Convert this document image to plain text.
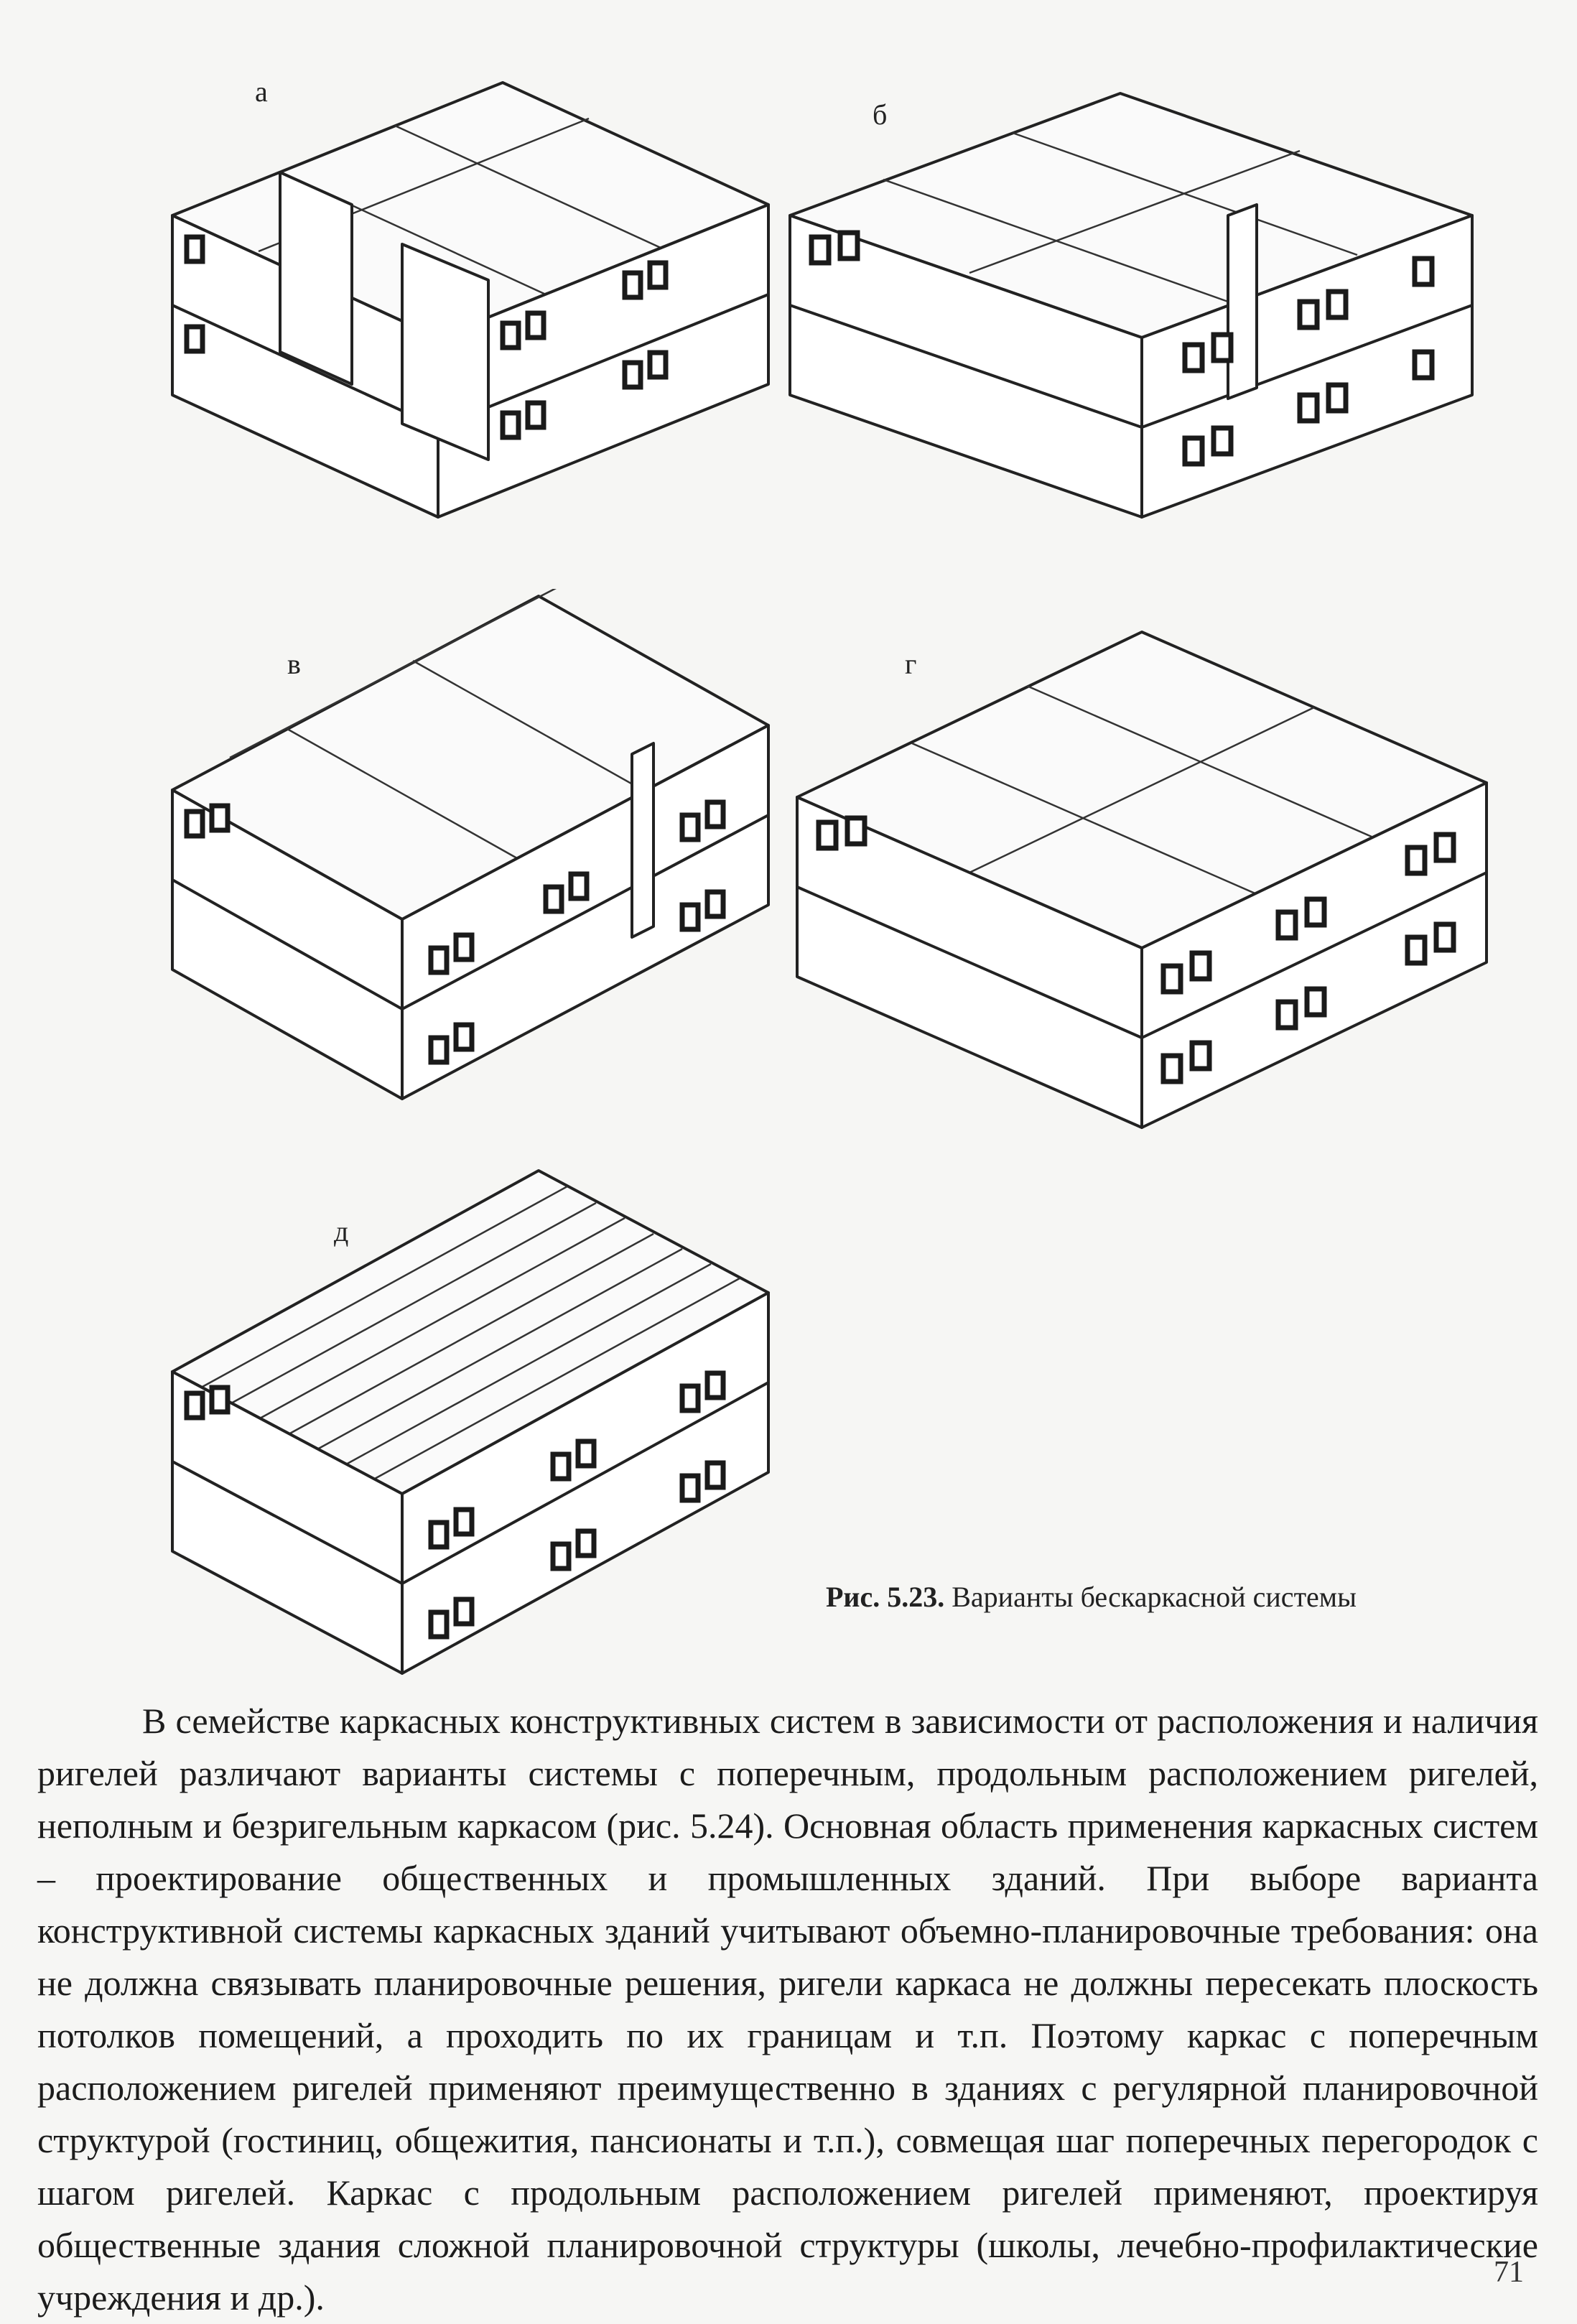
а
б
в	г
д
Рис. 5.23. Варианты бескаркасной системы

В семействе каркасных конструктивных систем в зависимости от расположения и наличия ригелей различают варианты системы с поперечным, продольным расположением ригелей, неполным и безригельным каркасом (рис. 5.24). Основная область применения каркасных систем – проектирование общественных и промышленных зданий. При выборе варианта конструктивной системы каркасных зданий учитывают объемно-планировочные требования: она не должна связывать планировочные решения, ригели каркаса не должны пересекать плоскость потолков помещений, а проходить по их границам и т.п. Поэтому каркас с поперечным расположением ригелей применяют преимущественно в зданиях с регулярной планировочной структурой (гостиниц, общежития, пансионаты и т.п.), совмещая шаг поперечных перегородок с шагом ригелей. Каркас с продольным расположением ригелей применяют, проектируя общественные здания сложной планировочной структуры (школы, лечебно-профилактические учреждения и др.).

71
